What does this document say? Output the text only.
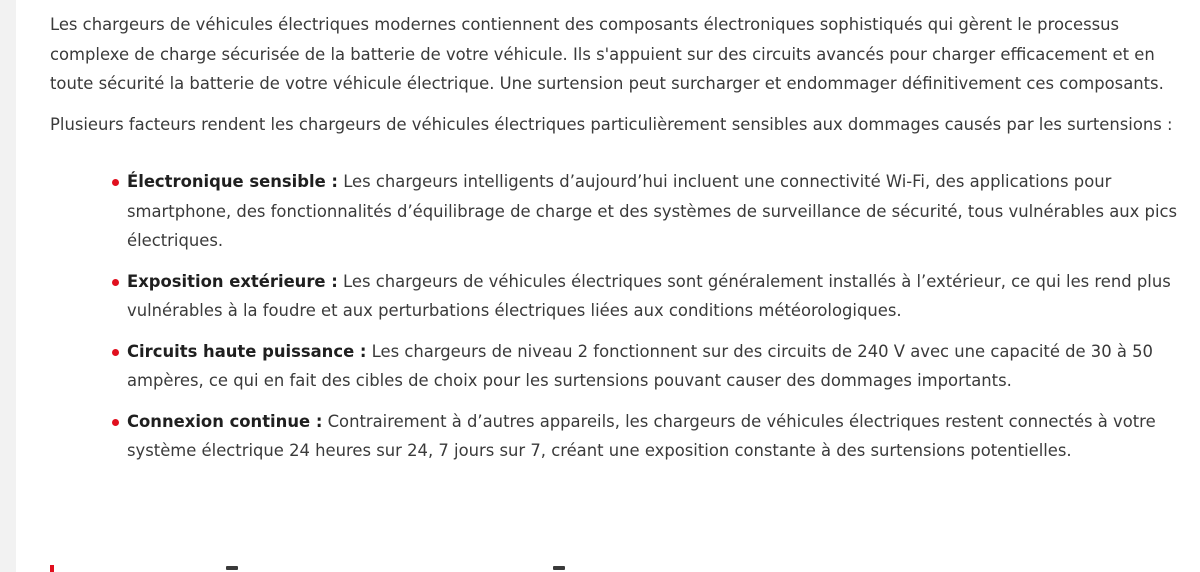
Les chargeurs de véhicules électriques modernes contiennent des composants électroniques sophistiqués qui gèrent le processus complexe de charge sécurisée de la batterie de votre véhicule. Ils s'appuient sur des circuits avancés pour charger efficacement et en toute sécurité la batterie de votre véhicule électrique. Une surtension peut surcharger et endommager définitivement ces composants.

Plusieurs facteurs rendent les chargeurs de véhicules électriques particulièrement sensibles aux dommages causés par les surtensions :

Électronique sensible : Les chargeurs intelligents d’aujourd’hui incluent une connectivité Wi-Fi, des applications pour smartphone, des fonctionnalités d’équilibrage de charge et des systèmes de surveillance de sécurité, tous vulnérables aux pics électriques.
Exposition extérieure : Les chargeurs de véhicules électriques sont généralement installés à l’extérieur, ce qui les rend plus vulnérables à la foudre et aux perturbations électriques liées aux conditions météorologiques.
Circuits haute puissance : Les chargeurs de niveau 2 fonctionnent sur des circuits de 240 V avec une capacité de 30 à 50 ampères, ce qui en fait des cibles de choix pour les surtensions pouvant causer des dommages importants.
Connexion continue : Contrairement à d’autres appareils, les chargeurs de véhicules électriques restent connectés à votre système électrique 24 heures sur 24, 7 jours sur 7, créant une exposition constante à des surtensions potentielles.
